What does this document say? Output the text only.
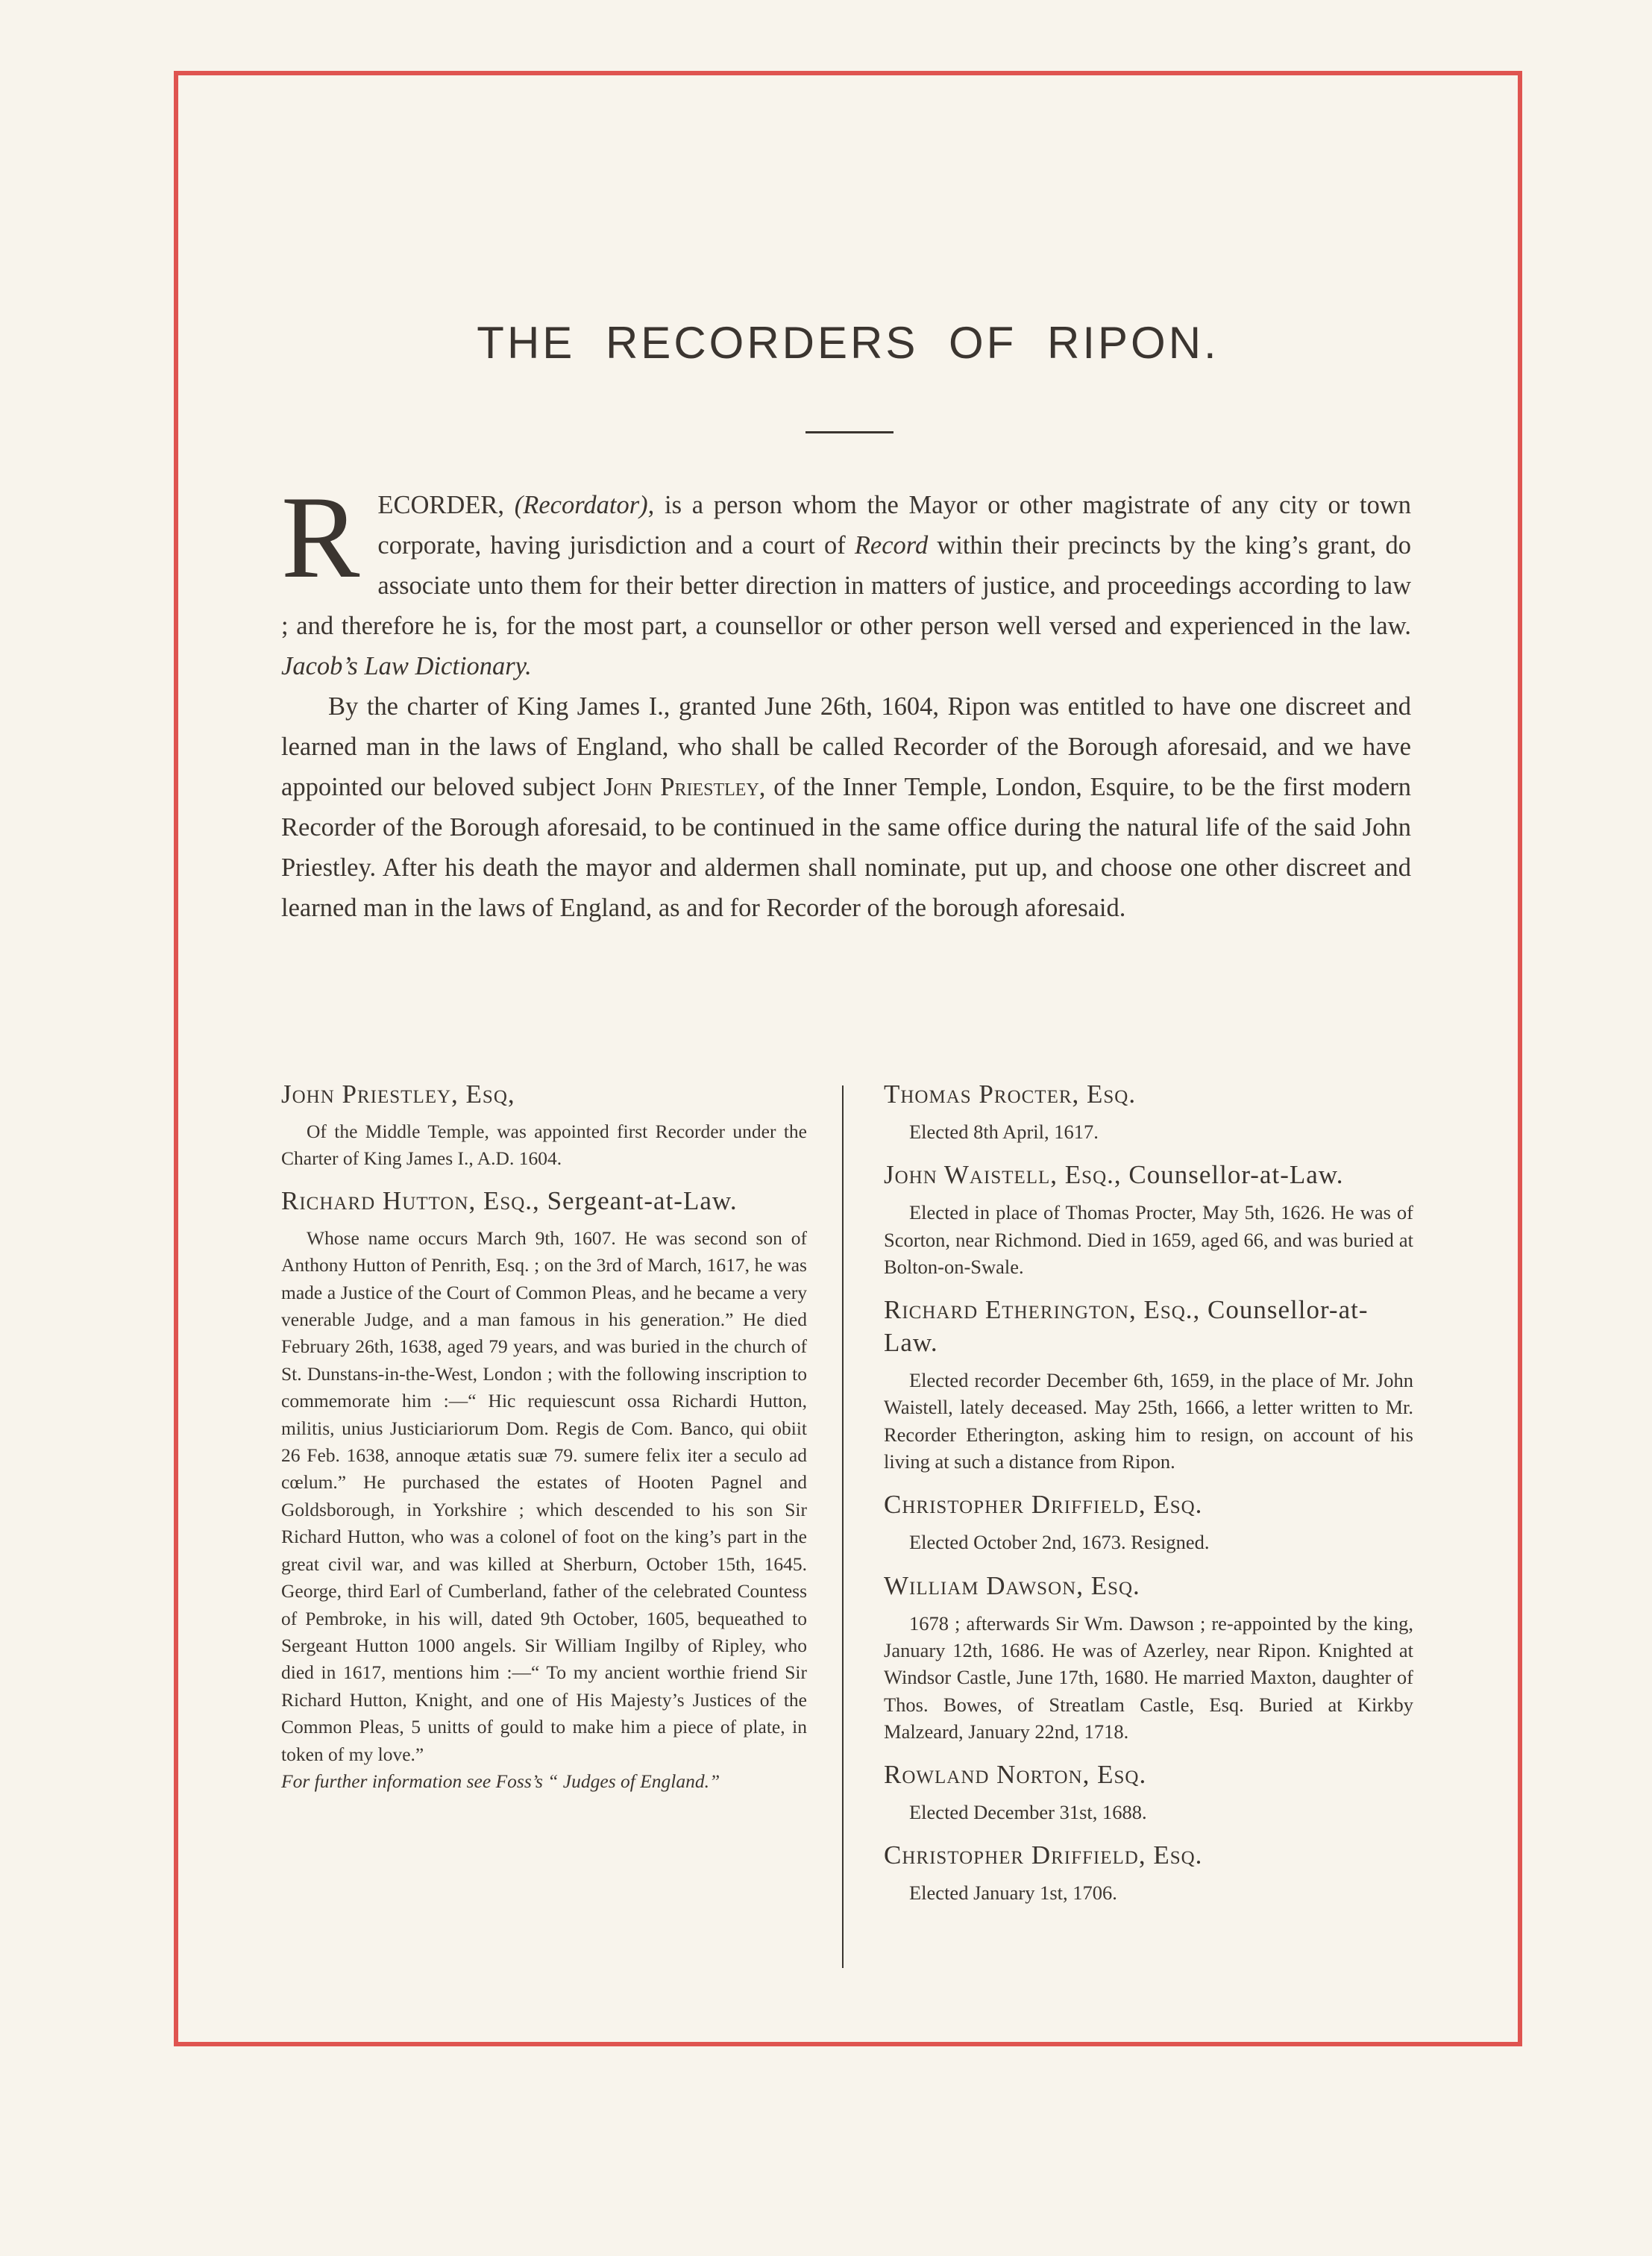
THE RECORDERS OF RIPON.

RECORDER, (Recordator), is a person whom the Mayor or other magistrate of any city or town corporate, having jurisdiction and a court of Record within their precincts by the king’s grant, do associate unto them for their better direction in matters of justice, and proceedings according to law ; and therefore he is, for the most part, a counsellor or other person well versed and experienced in the law. Jacob’s Law Dictionary.

By the charter of King James I., granted June 26th, 1604, Ripon was entitled to have one discreet and learned man in the laws of England, who shall be called Recorder of the Borough aforesaid, and we have appointed our beloved subject John Priestley, of the Inner Temple, London, Esquire, to be the first modern Recorder of the Borough aforesaid, to be continued in the same office during the natural life of the said John Priestley. After his death the mayor and aldermen shall nominate, put up, and choose one other discreet and learned man in the laws of England, as and for Recorder of the borough aforesaid.

John Priestley, Esq,

Of the Middle Temple, was appointed first Recorder under the Charter of King James I., A.D. 1604.

Richard Hutton, Esq., Sergeant-at-Law.

Whose name occurs March 9th, 1607. He was second son of Anthony Hutton of Penrith, Esq. ; on the 3rd of March, 1617, he was made a Justice of the Court of Common Pleas, and he became a very venerable Judge, and a man famous in his generation.” He died February 26th, 1638, aged 79 years, and was buried in the church of St. Dunstans-in-the-West, London ; with the following inscription to commemorate him :—“ Hic requiescunt ossa Richardi Hutton, militis, unius Justiciariorum Dom. Regis de Com. Banco, qui obiit 26 Feb. 1638, annoque ætatis suæ 79. sumere felix iter a seculo ad cœlum.” He purchased the estates of Hooten Pagnel and Goldsborough, in Yorkshire ; which descended to his son Sir Richard Hutton, who was a colonel of foot on the king’s part in the great civil war, and was killed at Sherburn, October 15th, 1645. George, third Earl of Cumberland, father of the celebrated Countess of Pembroke, in his will, dated 9th October, 1605, bequeathed to Sergeant Hutton 1000 angels. Sir William Ingilby of Ripley, who died in 1617, mentions him :—“ To my ancient worthie friend Sir Richard Hutton, Knight, and one of His Majesty’s Justices of the Common Pleas, 5 unitts of gould to make him a piece of plate, in token of my love.”

For further information see Foss’s “ Judges of England.”

Thomas Procter, Esq.

Elected 8th April, 1617.

John Waistell, Esq., Counsellor-at-Law.

Elected in place of Thomas Procter, May 5th, 1626. He was of Scorton, near Richmond. Died in 1659, aged 66, and was buried at Bolton-on-Swale.

Richard Etherington, Esq., Counsellor-at-Law.

Elected recorder December 6th, 1659, in the place of Mr. John Waistell, lately deceased. May 25th, 1666, a letter written to Mr. Recorder Etherington, asking him to resign, on account of his living at such a distance from Ripon.

Christopher Driffield, Esq.

Elected October 2nd, 1673. Resigned.

William Dawson, Esq.

1678 ; afterwards Sir Wm. Dawson ; re-appointed by the king, January 12th, 1686. He was of Azerley, near Ripon. Knighted at Windsor Castle, June 17th, 1680. He married Maxton, daughter of Thos. Bowes, of Streatlam Castle, Esq. Buried at Kirkby Malzeard, January 22nd, 1718.

Rowland Norton, Esq.

Elected December 31st, 1688.

Christopher Driffield, Esq.

Elected January 1st, 1706.
